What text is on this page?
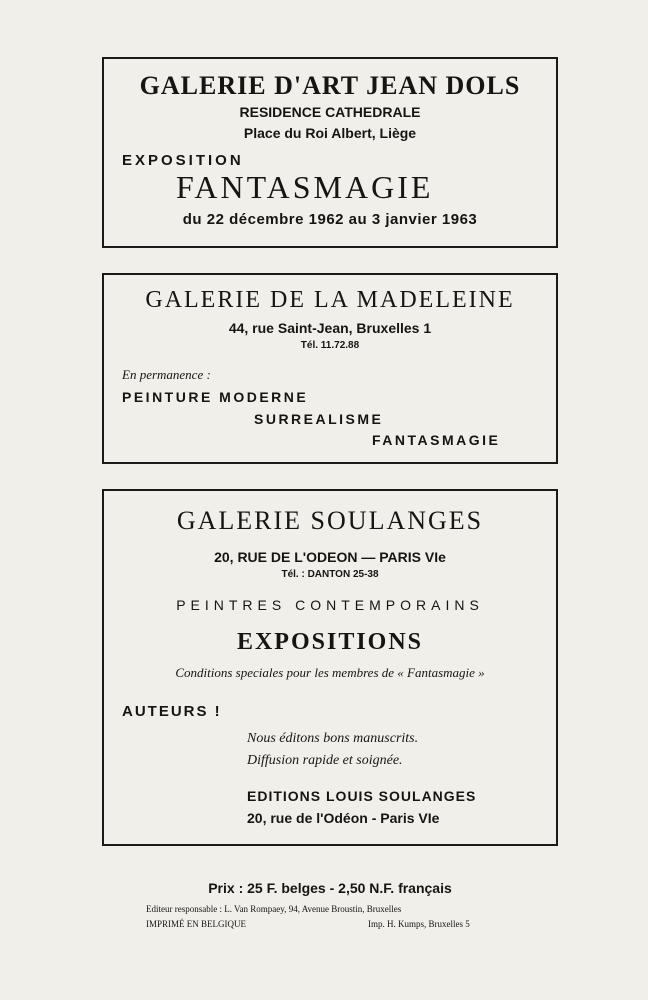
GALERIE D'ART JEAN DOLS

RESIDENCE CATHEDRALE

Place du Roi Albert, Liège

EXPOSITION

FANTASMAGIE

du 22 décembre 1962 au 3 janvier 1963

GALERIE DE LA MADELEINE

44, rue Saint-Jean, Bruxelles 1

Tél. 11.72.88

En permanence :

PEINTURE MODERNE

SURREALISME

FANTASMAGIE

GALERIE SOULANGES

20, RUE DE L'ODEON — PARIS VIe

Tél. : DANTON 25-38

PEINTRES CONTEMPORAINS

EXPOSITIONS

Conditions speciales pour les membres de « Fantasmagie »

AUTEURS !

Nous éditons bons manuscrits.

Diffusion rapide et soignée.

EDITIONS LOUIS SOULANGES

20, rue de l'Odéon - Paris VIe

Prix : 25 F. belges - 2,50 N.F. français

Editeur responsable : L. Van Rompaey, 94, Avenue Broustin, Bruxelles

IMPRIMÉ EN BELGIQUE	Imp. H. Kumps, Bruxelles 5
